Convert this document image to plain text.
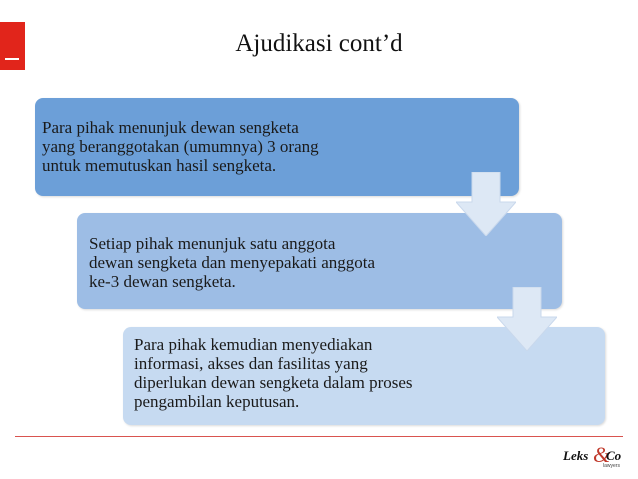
Ajudikasi cont’d
Para pihak menunjuk dewan sengketa
yang beranggotakan (umumnya) 3 orang
untuk memutuskan hasil sengketa.
Setiap pihak menunjuk satu anggota
dewan sengketa dan menyepakati anggota
ke-3 dewan sengketa.
Para pihak kemudian menyediakan
informasi, akses dan fasilitas yang
diperlukan dewan sengketa dalam proses
pengambilan keputusan.
Leks &
Co
lawyers
